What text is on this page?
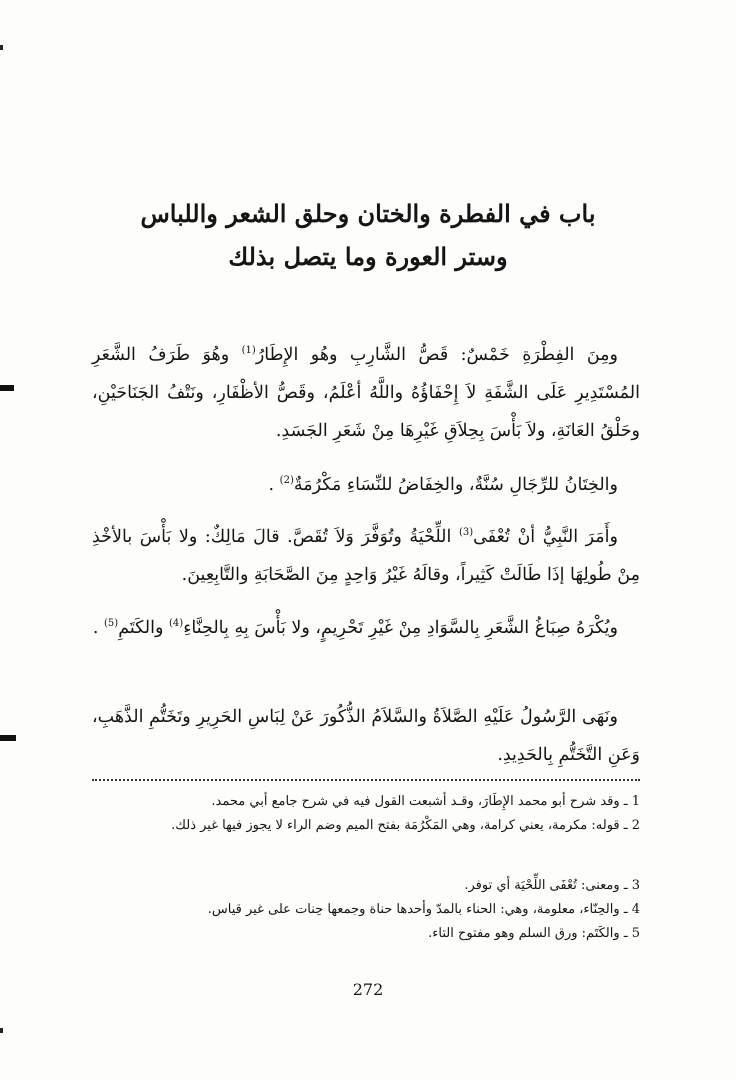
باب في الفطرة والختان وحلق الشعر واللباس
وستر العورة وما يتصل بذلك

ومِنَ الفِطْرَةِ خَمْسٌ: قَصُّ الشَّارِبِ وهُو الإِطَارُ$^{(1)}$ وهُوَ طَرَفُ الشَّعَرِ المُسْتَدِيرِ عَلَى الشَّفَةِ لاَ إِحْفَاؤُهُ واللَّهُ أعْلَمُ، وقَصُّ الأظْفَارِ، ونَتْفُ الجَنَاحَيْنِ، وحَلْقُ العَانَةِ، ولاَ بَأْسَ بِحِلاَقِ غَيْرِهَا مِنْ شَعَرِ الجَسَدِ.

والخِتَانُ للرِّجَالِ سُنَّةٌ، والخِفَاضُ للنِّسَاءِ مَكْرُمَةٌ$^{(2)}$ .

وأَمَرَ النَّبِيُّ أنْ تُعْفَى$^{(3)}$ اللِّحْيَةُ وتُوَفَّرَ وَلاَ تُقَصَّ. قالَ مَالِكٌ: ولا بَأْسَ بالأخْذِ مِنْ طُولِهَا إذَا طَالَتْ كَثِيراً، وقالَهُ غَيْرُ وَاحِدٍ مِنَ الصَّحَابَةِ والتَّابِعِينَ.

ويُكْرَهُ صِبَاغُ الشَّعَرِ بِالسَّوَادِ مِنْ غَيْرِ تَحْرِيمٍ، ولا بَأْسَ بِهِ بِالحِنَّاءِ$^{(4)}$ والكَتَمِ$^{(5)}$ .

ونَهَى الرَّسُولُ عَلَيْهِ الصَّلاَةُ والسَّلاَمُ الذُّكُورَ عَنْ لِبَاسِ الحَرِيرِ وتَخَتُّمِ الذَّهَبِ، وَعَنِ التَّخَتُّمِ بِالحَدِيدِ.

1 ـ وقد شرح أبو محمد الإِطَارَ، وقـد أشبعت القول فيه في شرح جامع أبي محمد.
2 ـ قوله: مكرمة، يعني كرامة، وهي المَكْرُمَة بفتح الميم وضم الراء لا يجوز فيها غير ذلك.
3 ـ ومعنى: تُعْفَى اللِّحْيَة أي توفر.
4 ـ والحِنّاء، معلومة، وهي: الحناء بالمدّ وأحدها حناة وجمعها حِنات على غير قياس.
5 ـ والكَتَم: ورق السلم وهو مفتوح التاء.
272
